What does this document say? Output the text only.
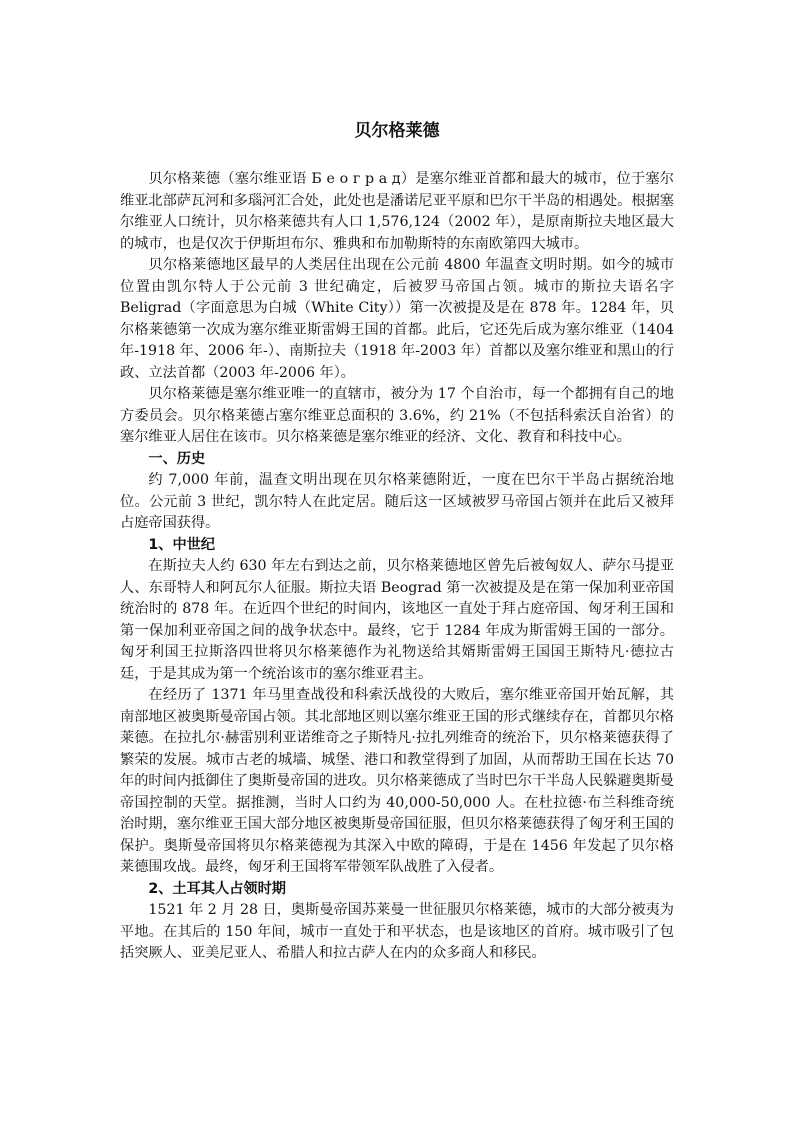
贝尔格莱德
贝尔格莱德（塞尔维亚语 Б е о г р а д）是塞尔维亚首都和最大的城市，位于塞尔维亚北部萨瓦河和多瑙河汇合处，此处也是潘诺尼亚平原和巴尔干半岛的相遇处。根据塞尔维亚人口统计，贝尔格莱德共有人口 1,576,124（2002 年），是原南斯拉夫地区最大的城市，也是仅次于伊斯坦布尔、雅典和布加勒斯特的东南欧第四大城市。
贝尔格莱德地区最早的人类居住出现在公元前 4800 年温查文明时期。如今的城市位置由凯尔特人于公元前 3 世纪确定，后被罗马帝国占领。城市的斯拉夫语名字 Beligrad（字面意思为白城（White City））第一次被提及是在 878 年。1284 年，贝尔格莱德第一次成为塞尔维亚斯雷姆王国的首都。此后，它还先后成为塞尔维亚（1404 年-1918 年、2006 年-）、南斯拉夫（1918 年-2003 年）首都以及塞尔维亚和黑山的行政、立法首都（2003 年-2006 年）。
贝尔格莱德是塞尔维亚唯一的直辖市，被分为 17 个自治市，每一个都拥有自己的地方委员会。贝尔格莱德占塞尔维亚总面积的 3.6%，约 21%（不包括科索沃自治省）的塞尔维亚人居住在该市。贝尔格莱德是塞尔维亚的经济、文化、教育和科技中心。
一、历史
约 7,000 年前，温查文明出现在贝尔格莱德附近，一度在巴尔干半岛占据统治地位。公元前 3 世纪，凯尔特人在此定居。随后这一区域被罗马帝国占领并在此后又被拜占庭帝国获得。
1、中世纪
在斯拉夫人约 630 年左右到达之前，贝尔格莱德地区曾先后被匈奴人、萨尔马提亚人、东哥特人和阿瓦尔人征服。斯拉夫语 Beograd 第一次被提及是在第一保加利亚帝国统治时的 878 年。在近四个世纪的时间内，该地区一直处于拜占庭帝国、匈牙利王国和第一保加利亚帝国之间的战争状态中。最终，它于 1284 年成为斯雷姆王国的一部分。匈牙利国王拉斯洛四世将贝尔格莱德作为礼物送给其婿斯雷姆王国国王斯特凡·德拉古廷，于是其成为第一个统治该市的塞尔维亚君主。
在经历了 1371 年马里查战役和科索沃战役的大败后，塞尔维亚帝国开始瓦解，其南部地区被奥斯曼帝国占领。其北部地区则以塞尔维亚王国的形式继续存在，首都贝尔格莱德。在拉扎尔·赫雷别利亚诺维奇之子斯特凡·拉扎列维奇的统治下，贝尔格莱德获得了繁荣的发展。城市古老的城墙、城堡、港口和教堂得到了加固，从而帮助王国在长达 70 年的时间内抵御住了奥斯曼帝国的进攻。贝尔格莱德成了当时巴尔干半岛人民躲避奥斯曼帝国控制的天堂。据推测，当时人口约为 40,000-50,000 人。在杜拉德·布兰科维奇统治时期，塞尔维亚王国大部分地区被奥斯曼帝国征服，但贝尔格莱德获得了匈牙利王国的保护。奥斯曼帝国将贝尔格莱德视为其深入中欧的障碍，于是在 1456 年发起了贝尔格莱德围攻战。最终，匈牙利王国将军带领军队战胜了入侵者。
2、土耳其人占领时期
1521 年 2 月 28 日，奥斯曼帝国苏莱曼一世征服贝尔格莱德，城市的大部分被夷为平地。在其后的 150 年间，城市一直处于和平状态，也是该地区的首府。城市吸引了包括突厥人、亚美尼亚人、希腊人和拉古萨人在内的众多商人和移民。
